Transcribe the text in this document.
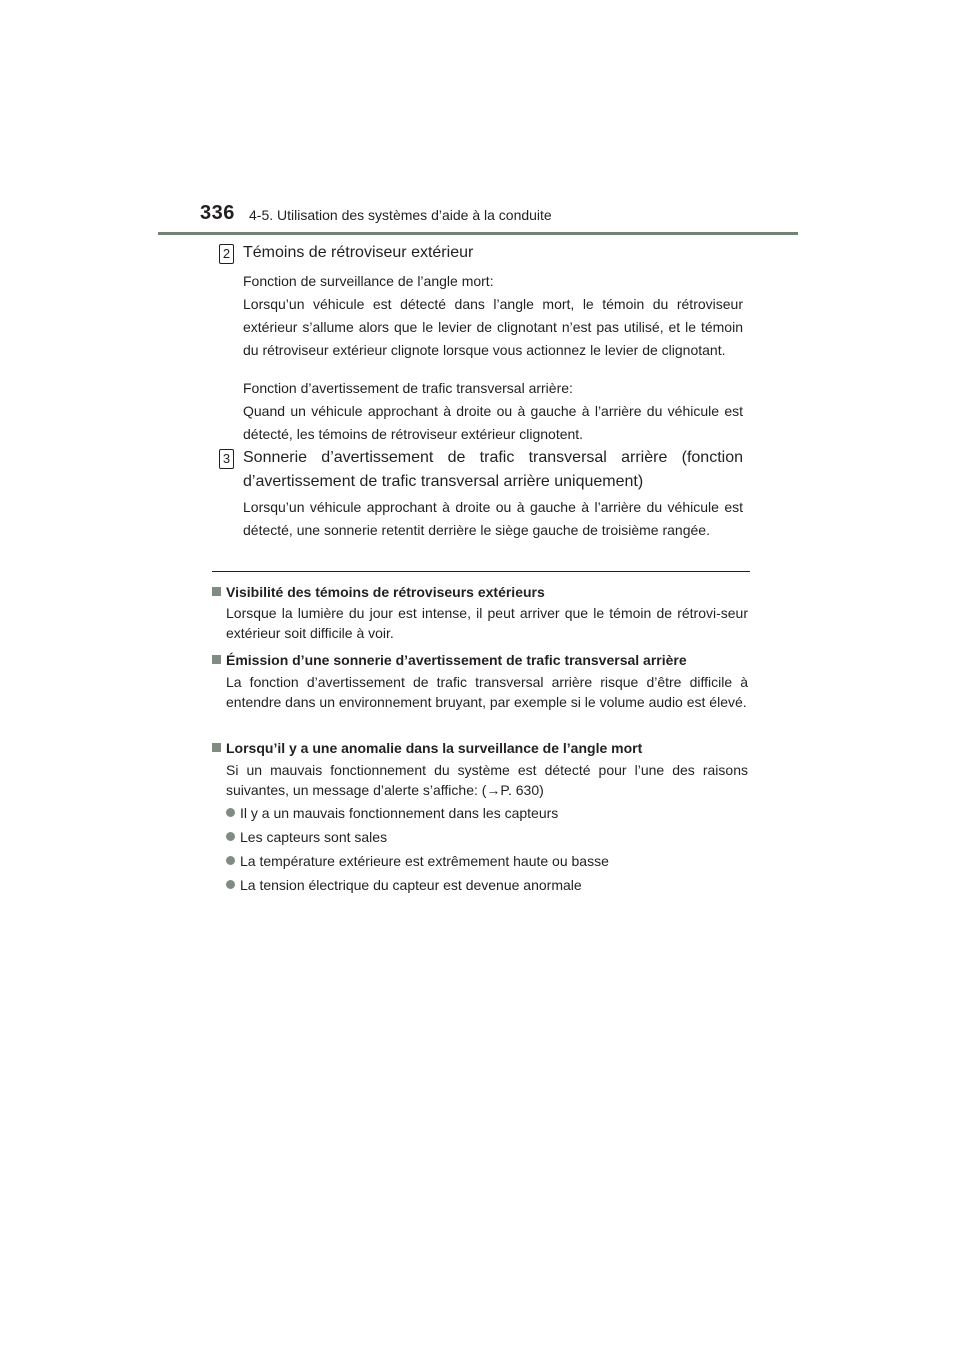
336 4-5. Utilisation des systèmes d’aide à la conduite
2 Témoins de rétroviseur extérieur
Fonction de surveillance de l’angle mort:
Lorsqu’un véhicule est détecté dans l’angle mort, le témoin du rétroviseur extérieur s’allume alors que le levier de clignotant n’est pas utilisé, et le témoin du rétroviseur extérieur clignote lorsque vous actionnez le levier de clignotant.
Fonction d’avertissement de trafic transversal arrière:
Quand un véhicule approchant à droite ou à gauche à l’arrière du véhicule est détecté, les témoins de rétroviseur extérieur clignotent.
3 Sonnerie d’avertissement de trafic transversal arrière (fonction d’avertissement de trafic transversal arrière uniquement)
Lorsqu’un véhicule approchant à droite ou à gauche à l’arrière du véhicule est détecté, une sonnerie retentit derrière le siège gauche de troisième rangée.
Visibilité des témoins de rétroviseurs extérieurs
Lorsque la lumière du jour est intense, il peut arriver que le témoin de rétrovi-seur extérieur soit difficile à voir.
Émission d’une sonnerie d’avertissement de trafic transversal arrière
La fonction d’avertissement de trafic transversal arrière risque d’être difficile à entendre dans un environnement bruyant, par exemple si le volume audio est élevé.
Lorsqu’il y a une anomalie dans la surveillance de l’angle mort
Si un mauvais fonctionnement du système est détecté pour l’une des raisons suivantes, un message d’alerte s’affiche: (→P. 630)
Il y a un mauvais fonctionnement dans les capteurs
Les capteurs sont sales
La température extérieure est extrêmement haute ou basse
La tension électrique du capteur est devenue anormale
